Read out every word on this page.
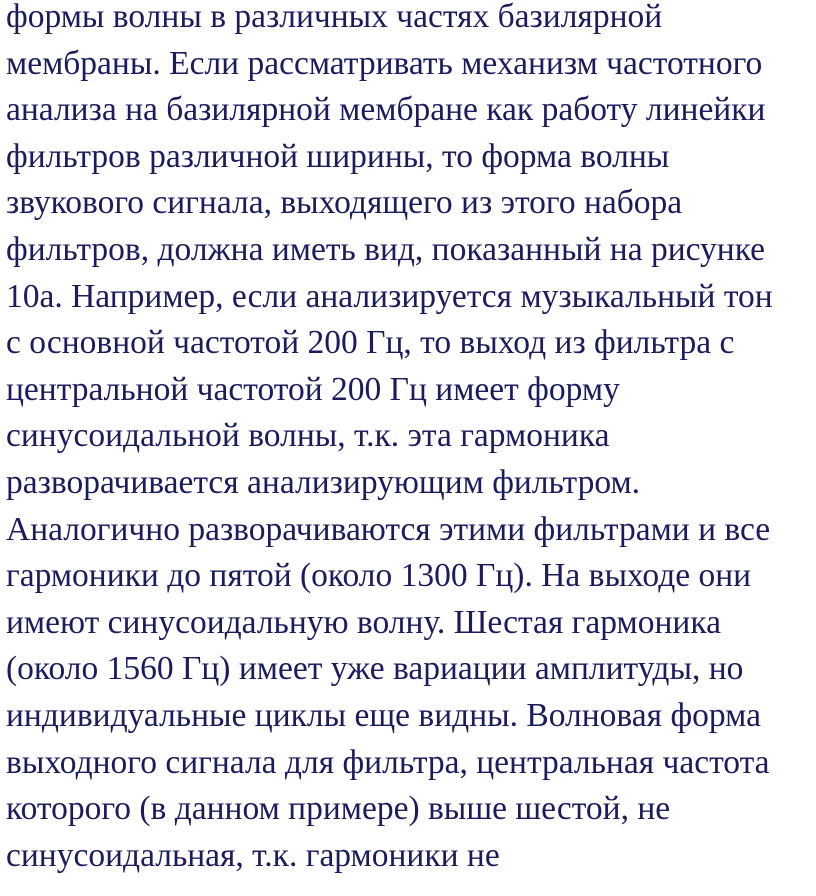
формы волны в различных частях базилярной
мембраны. Если рассматривать механизм частотного
анализа на базилярной мембране как работу линейки
фильтров различной ширины, то форма волны
звукового сигнала, выходящего из этого набора
фильтров, должна иметь вид, показанный на рисунке
10а. Например, если анализируется музыкальный тон
с основной частотой 200 Гц, то выход из фильтра с
центральной частотой 200 Гц имеет форму
синусоидальной волны, т.к. эта гармоника
разворачивается анализирующим фильтром.
Аналогично разворачиваются этими фильтрами и все
гармоники до пятой (около 1300 Гц). На выходе они
имеют синусоидальную волну. Шестая гармоника
(около 1560 Гц) имеет уже вариации амплитуды, но
индивидуальные циклы еще видны. Волновая форма
выходного сигнала для фильтра, центральная частота
которого (в данном примере) выше шестой, не
синусоидальная, т.к. гармоники не
